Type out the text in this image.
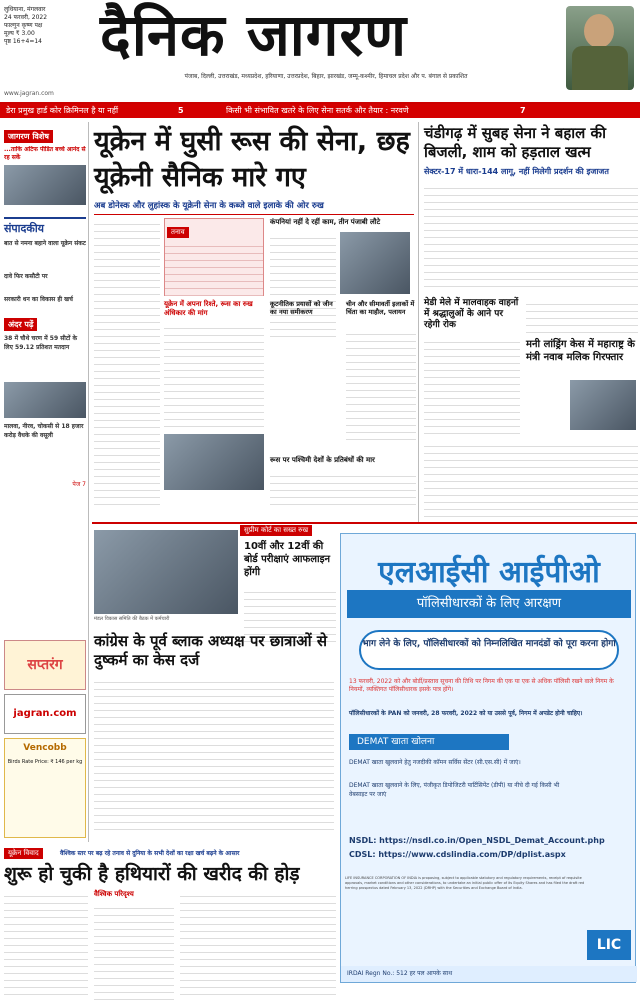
लुधियाना, मंगलवार
24 फरवरी, 2022
फाल्गुन कृष्ण पक्ष
मूल्य ₹ 3.00
पृष्ठ 16+4=14	दैनिक जागरण
पंजाब, दिल्ली, उत्तराखंड, मध्यप्रदेश, हरियाणा, उत्तरप्रदेश, बिहार, झारखंड, जम्मू-कश्मीर, हिमाचल प्रदेश और प. बंगाल से प्रकाशित
www.jagran.com
डेरा प्रमुख हार्ड कोर क्रिमिनल है या नहीं	5	किसी भी संभावित खतरे के लिए सेना सतर्क और तैयार : नरवणे	7
जागरण विशेष
...ताकि अटिफ पीडित बच्चे आनंद से रह सकें
संपादकीय
बात से नमना बहाने वाला यूक्रेन संकट
दावे फिर कसौटी पर
सरकारी धन का विकास ही खर्च
अंदर पढ़ें
38 में चौथे चरण में 59 सीटों के लिए 59.12 प्रतिशत मतदान
मालवा, नीरव, चोकसी से 18 हजार करोड़ वैधके की वसूली
पेज 7
यूक्रेन में घुसी रूस की सेना, छह यूक्रेनी सैनिक मारे गए
अब डोनेस्क और लुहांस्क के यूक्रेनी सेना के कब्जे वाले इलाके की ओर रुख
तनाव
कंपनियां नहीं दे रहीं काम, तीन पंजाबी लौटे
यूक्रेन में अपना रिश्ते, रूस का रुख अंधिकार की मांग
कूटनीतिक प्रयासों को जीन का नया समीकरण
चीन और सीमावर्ती इलाकों में चिंता का माहौल, पलायन
रूस पर पश्चिमी देशों के प्रतिबंधों की मार
चंडीगढ़ में सुबह सेना ने बहाल की बिजली, शाम को हड़ताल खत्म
सेक्टर-17 में धारा-144 लागू, नहीं मिलेगी प्रदर्शन की इजाजत
मेडी मेले में मालवाहक वाहनों में श्रद्धालुओं के आने पर रहेगी रोक
मनी लांड्रिंग केस में महाराष्ट्र के मंत्री नवाब मलिक गिरफ्तार
सुप्रीम कोर्ट का सख्त रुख
10वीं और 12वीं की बोर्ड परीक्षाएं आफलाइन होंगी
मंडल विकास समिति की बैठक में कर्मचारी
कांग्रेस के पूर्व ब्लाक अध्यक्ष पर छात्राओं से दुष्कर्म का केस दर्ज
सप्तरंग
jagran.com
Vencobb
Birds Rate Price: ₹ 146 per kg
यूक्रेन विवाद	वैश्विक स्तर पर बढ़ रहे तनाव से दुनिया के सभी देशों का रक्षा खर्च बढ़ने के आसार
शुरू हो चुकी है हथियारों की खरीद की होड़
वैश्विक परिदृश्य
एलआईसी आईपीओ
पॉलिसीधारकों के लिए आरक्षण
भाग लेने के लिए, पॉलिसीधारकों को निम्नलिखित मानदंडों को पूरा करना होगा
13 फरवरी, 2022 को और बोर्डी/प्रस्ताव सूचना की तिथि पर निगम की एक या एक से अधिक पॉलिसी रखने वाले निगम के नियमों, व्यक्तिगत पॉलिसीधारक इसके पात्र होंगे।
पॉलिसीधारकों के PAN को जनवरी, 28 फरवरी, 2022 को या उससे पूर्व, निगम में अपडेट होनी चाहिए।
DEMAT खाता खोलना
DEMAT खाता खुलवाने हेतु नजदीकी कॉमन सर्विस सेंटर (सी.एस.सी) में जाएं।
DEMAT खाता खुलवाने के लिए, पंजीकृत डिपोजिटरी पार्टिसिपेंट (डीपी) या नीचे दी गई किसी भी वेबसाइट पर जाएं
NSDL: https://nsdl.co.in/Open_NSDL_Demat_Account.php
CDSL: https://www.cdslindia.com/DP/dplist.aspx
LIFE INSURANCE CORPORATION OF INDIA is proposing, subject to applicable statutory and regulatory requirements, receipt of requisite approvals, market conditions and other considerations, to undertake an initial public offer of its Equity Shares and has filed the draft red herring prospectus dated February 13, 2022 (DRHP) with the Securities and Exchange Board of India.
LIC
IRDAI Regn No.: 512 हर पल आपके साथ
